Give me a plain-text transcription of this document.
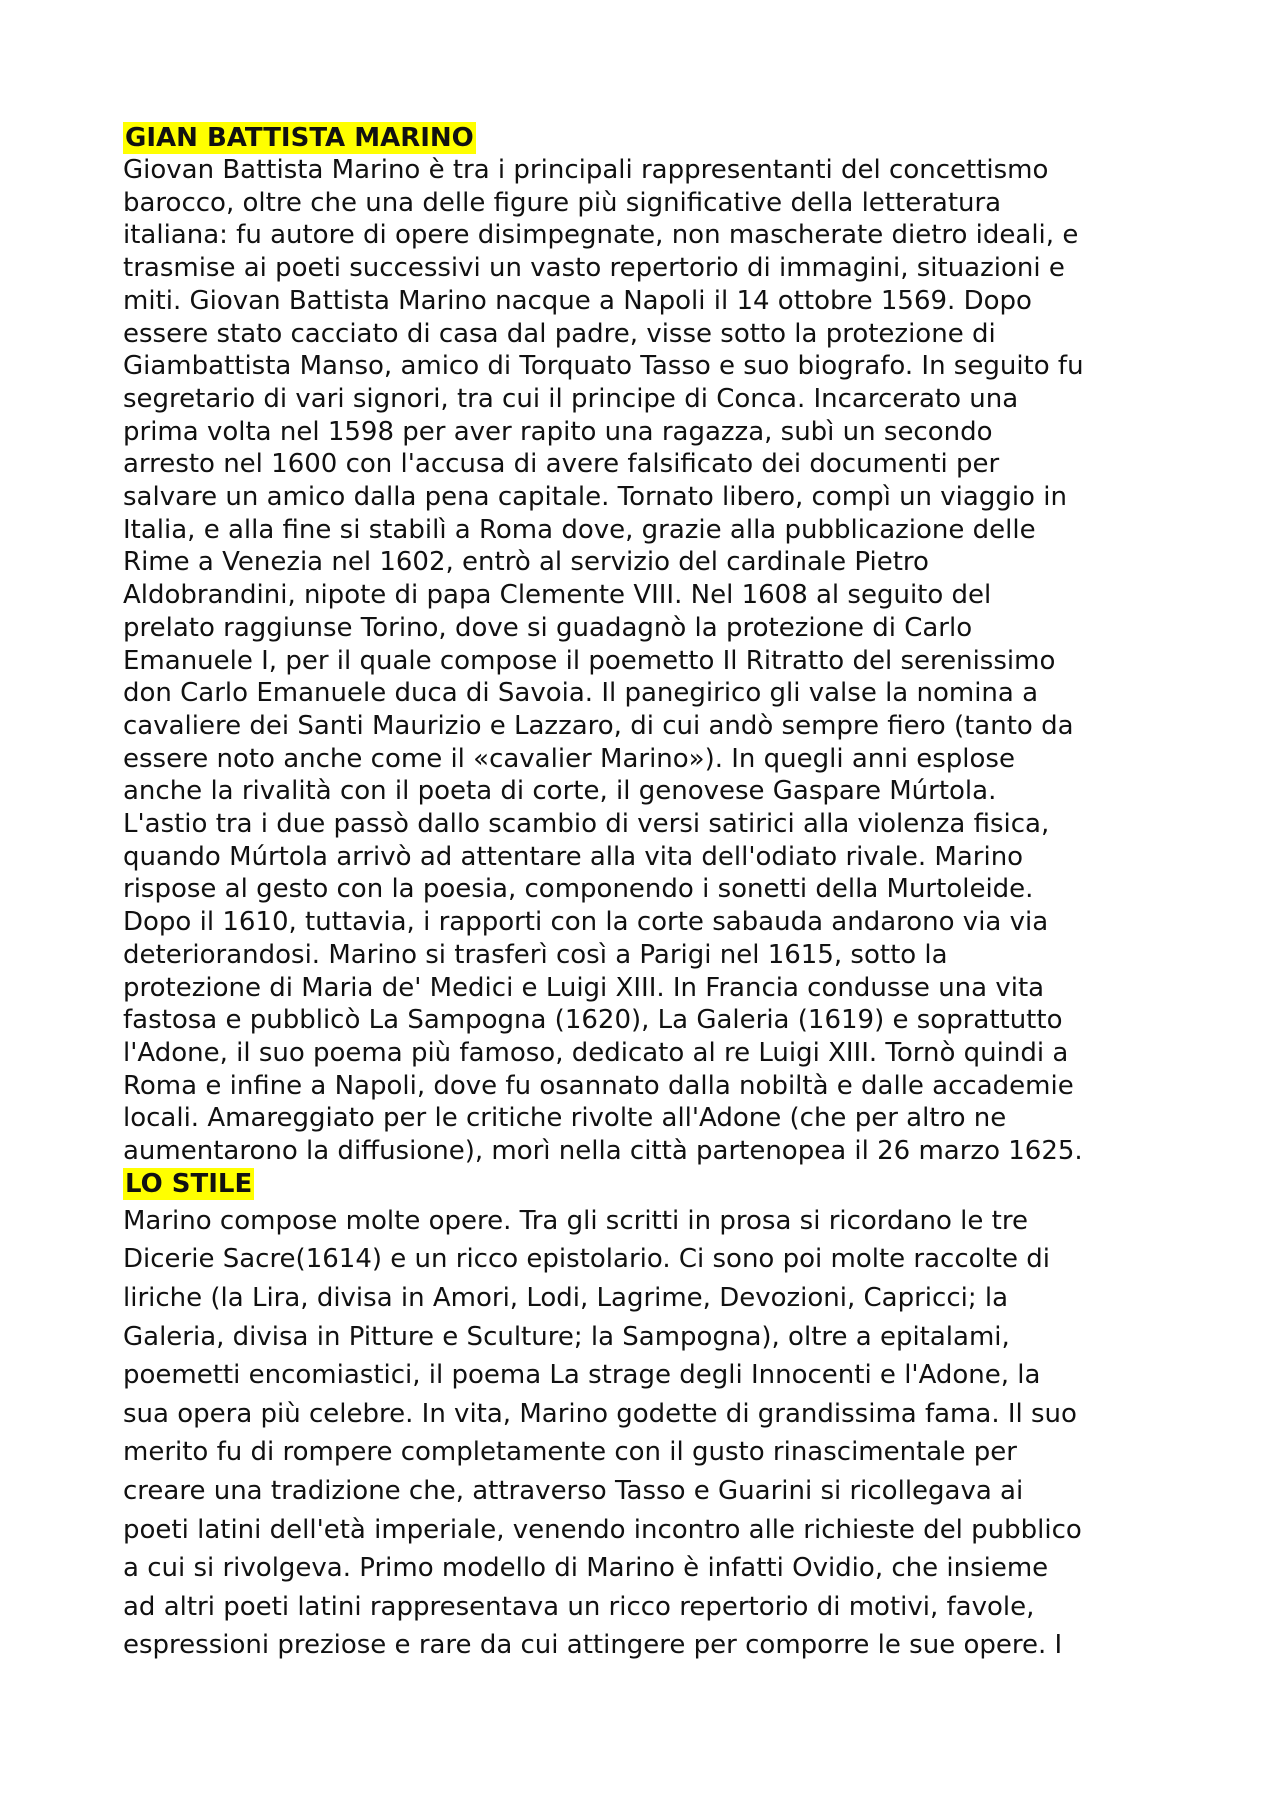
GIAN BATTISTA MARINO
Giovan Battista Marino è tra i principali rappresentanti del concettismo
barocco, oltre che una delle figure più significative della letteratura
italiana: fu autore di opere disimpegnate, non mascherate dietro ideali, e
trasmise ai poeti successivi un vasto repertorio di immagini, situazioni e
miti. Giovan Battista Marino nacque a Napoli il 14 ottobre 1569. Dopo
essere stato cacciato di casa dal padre, visse sotto la protezione di
Giambattista Manso, amico di Torquato Tasso e suo biografo. In seguito fu
segretario di vari signori, tra cui il principe di Conca. Incarcerato una
prima volta nel 1598 per aver rapito una ragazza, subì un secondo
arresto nel 1600 con l'accusa di avere falsificato dei documenti per
salvare un amico dalla pena capitale. Tornato libero, compì un viaggio in
Italia, e alla fine si stabilì a Roma dove, grazie alla pubblicazione delle
Rime a Venezia nel 1602, entrò al servizio del cardinale Pietro
Aldobrandini, nipote di papa Clemente VIII. Nel 1608 al seguito del
prelato raggiunse Torino, dove si guadagnò la protezione di Carlo
Emanuele I, per il quale compose il poemetto Il Ritratto del serenissimo
don Carlo Emanuele duca di Savoia. Il panegirico gli valse la nomina a
cavaliere dei Santi Maurizio e Lazzaro, di cui andò sempre fiero (tanto da
essere noto anche come il «cavalier Marino»). In quegli anni esplose
anche la rivalità con il poeta di corte, il genovese Gaspare Múrtola.
L'astio tra i due passò dallo scambio di versi satirici alla violenza fisica,
quando Múrtola arrivò ad attentare alla vita dell'odiato rivale. Marino
rispose al gesto con la poesia, componendo i sonetti della Murtoleide.
Dopo il 1610, tuttavia, i rapporti con la corte sabauda andarono via via
deteriorandosi. Marino si trasferì così a Parigi nel 1615, sotto la
protezione di Maria de' Medici e Luigi XIII. In Francia condusse una vita
fastosa e pubblicò La Sampogna (1620), La Galeria (1619) e soprattutto
l'Adone, il suo poema più famoso, dedicato al re Luigi XIII. Tornò quindi a
Roma e infine a Napoli, dove fu osannato dalla nobiltà e dalle accademie
locali. Amareggiato per le critiche rivolte all'Adone (che per altro ne
aumentarono la diffusione), morì nella città partenopea il 26 marzo 1625.
LO STILE
Marino compose molte opere. Tra gli scritti in prosa si ricordano le tre
Dicerie Sacre(1614) e un ricco epistolario. Ci sono poi molte raccolte di
liriche (la Lira, divisa in Amori, Lodi, Lagrime, Devozioni, Capricci; la
Galeria, divisa in Pitture e Sculture; la Sampogna), oltre a epitalami,
poemetti encomiastici, il poema La strage degli Innocenti e l'Adone, la
sua opera più celebre. In vita, Marino godette di grandissima fama. Il suo
merito fu di rompere completamente con il gusto rinascimentale per
creare una tradizione che, attraverso Tasso e Guarini si ricollegava ai
poeti latini dell'età imperiale, venendo incontro alle richieste del pubblico
a cui si rivolgeva. Primo modello di Marino è infatti Ovidio, che insieme
ad altri poeti latini rappresentava un ricco repertorio di motivi, favole,
espressioni preziose e rare da cui attingere per comporre le sue opere. I
